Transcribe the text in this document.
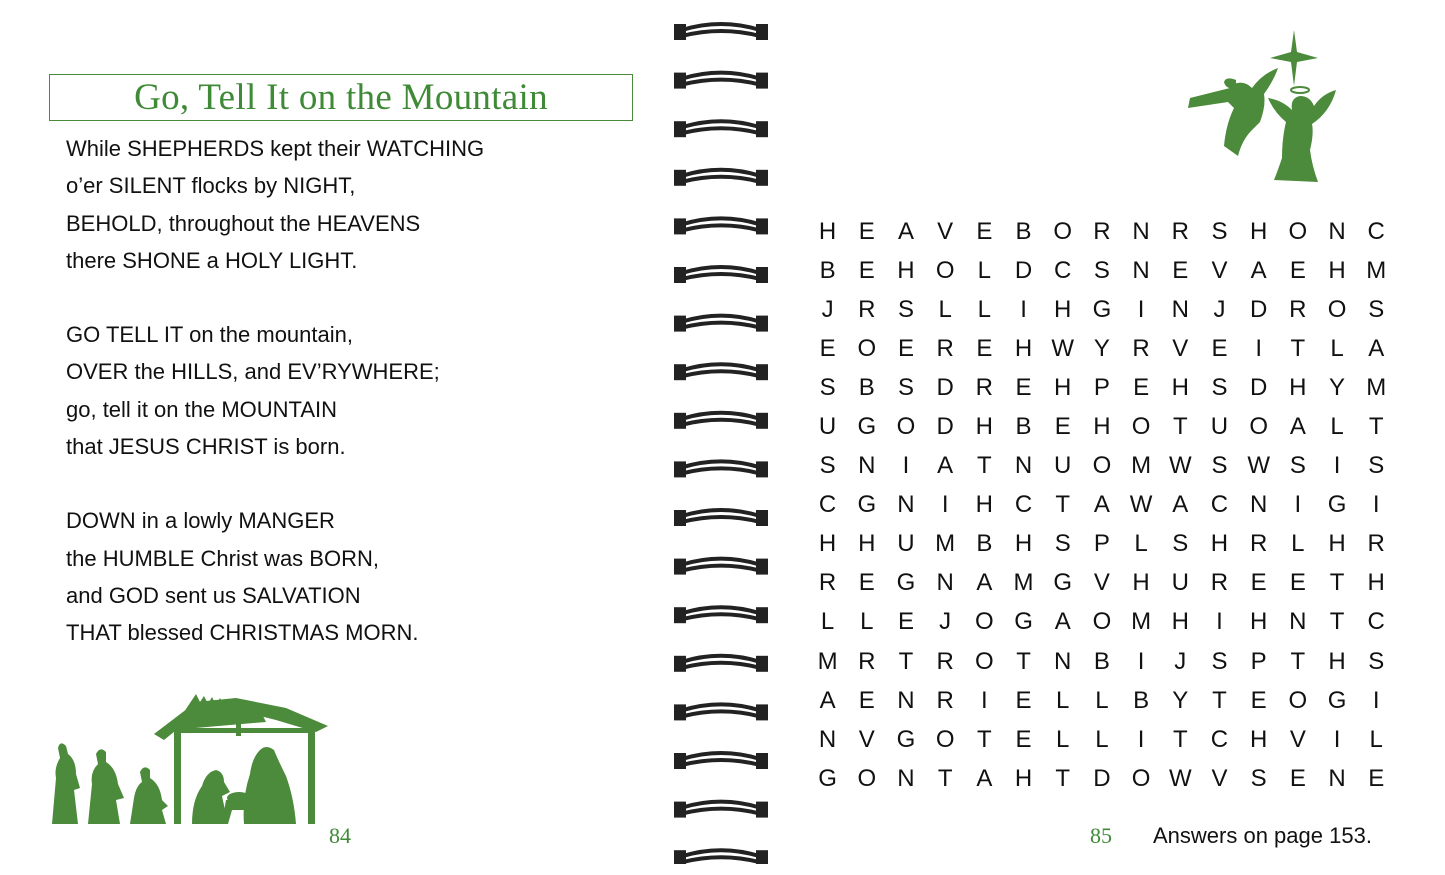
Go, Tell It on the Mountain
While SHEPHERDS kept their WATCHING
o’er SILENT flocks by NIGHT,
BEHOLD, throughout the HEAVENS
there SHONE a HOLY LIGHT.
GO TELL IT on the mountain,
OVER the HILLS, and EV’RYWHERE;
go, tell it on the MOUNTAIN
that JESUS CHRIST is born.
DOWN in a lowly MANGER
the HUMBLE Christ was BORN,
and GOD sent us SALVATION
THAT blessed CHRISTMAS MORN.
84
H E A V E B O R N R S H O N C
B E H O L D C S N E V A E H M
J	R S	L	L	I	H G	I	N	J	D R O S
E O E R E H W Y R V E	I	T	L	A
S B S D R E H P E H S D H Y M
U G O D H B E H O T U O A	L	T
S N	I	A T N U O M W S W S	I	S
C G N	I	H C T A W A C N	I	G	I
H H U M B H S P	L	S H R L H R
R E G N A M G V H U R E E T H
L	L	E	J O G A O M H	I	H N T C
M R T R O T N B	I	J	S P T H S
A E N R	I	E	L	L	B Y T E O G	I
N V G O T E	L	L	I	T C H V	I	L
G O N T A H T D O W V S E N E
85 Answers on page 153.
